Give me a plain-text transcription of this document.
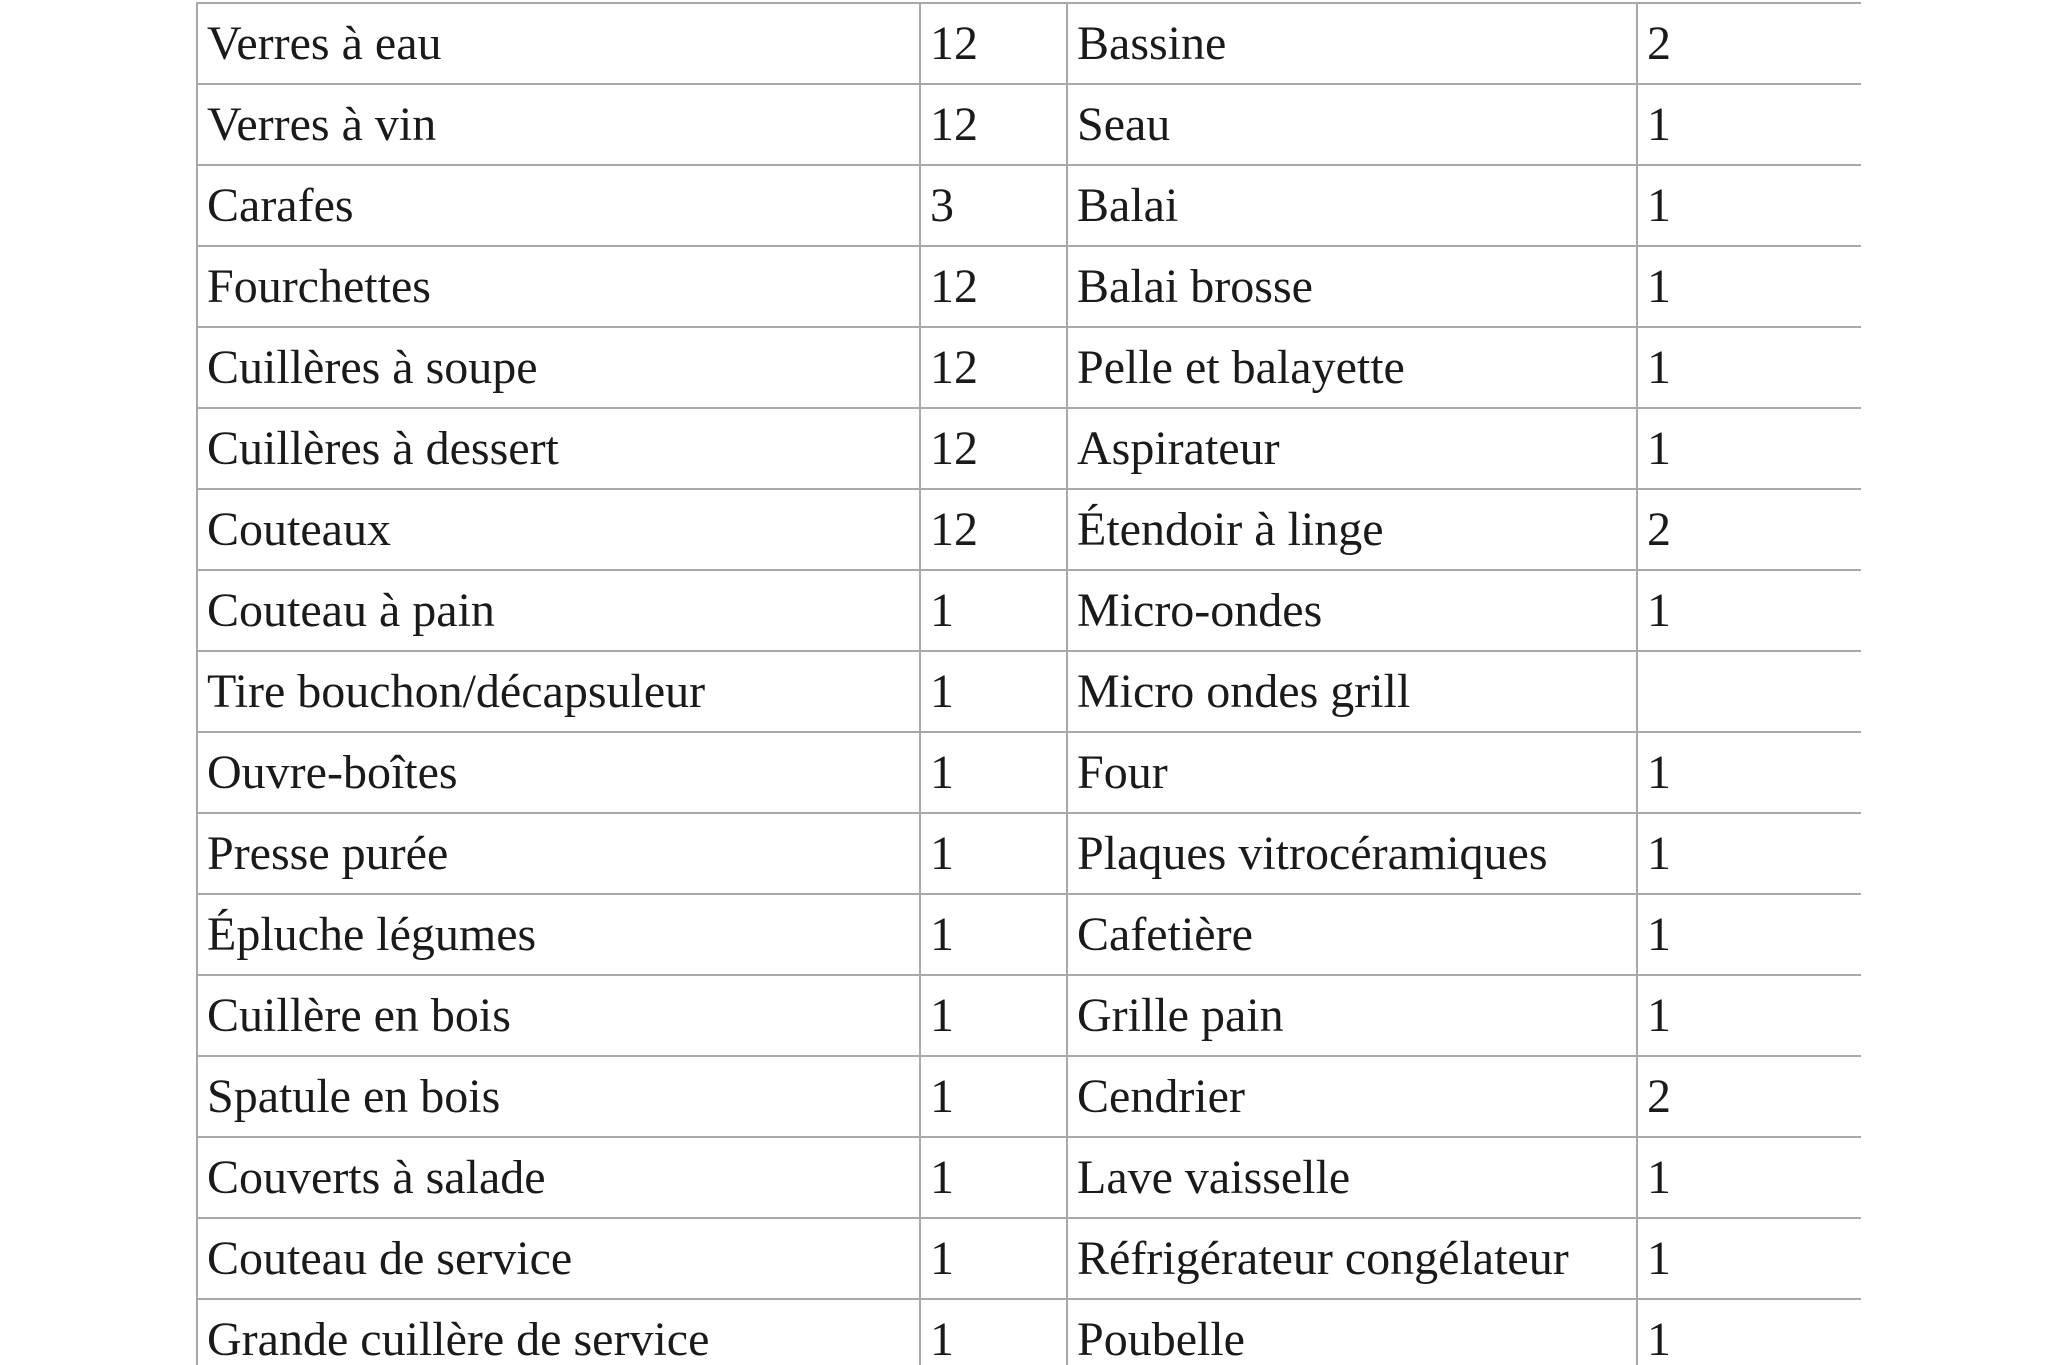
Verres à eau	12	Bassine	2
Verres à vin	12	Seau	1
Carafes	3	Balai	1
Fourchettes	12	Balai brosse	1
Cuillères à soupe	12	Pelle et balayette	1
Cuillères à dessert	12	Aspirateur	1
Couteaux	12	Étendoir à linge	2
Couteau à pain	1	Micro-ondes	1
Tire bouchon/décapsuleur	1	Micro ondes grill	
Ouvre-boîtes	1	Four	1
Presse purée	1	Plaques vitrocéramiques	1
Épluche légumes	1	Cafetière	1
Cuillère en bois	1	Grille pain	1
Spatule en bois	1	Cendrier	2
Couverts à salade	1	Lave vaisselle	1
Couteau de service	1	Réfrigérateur congélateur	1
Grande cuillère de service	1	Poubelle	1
